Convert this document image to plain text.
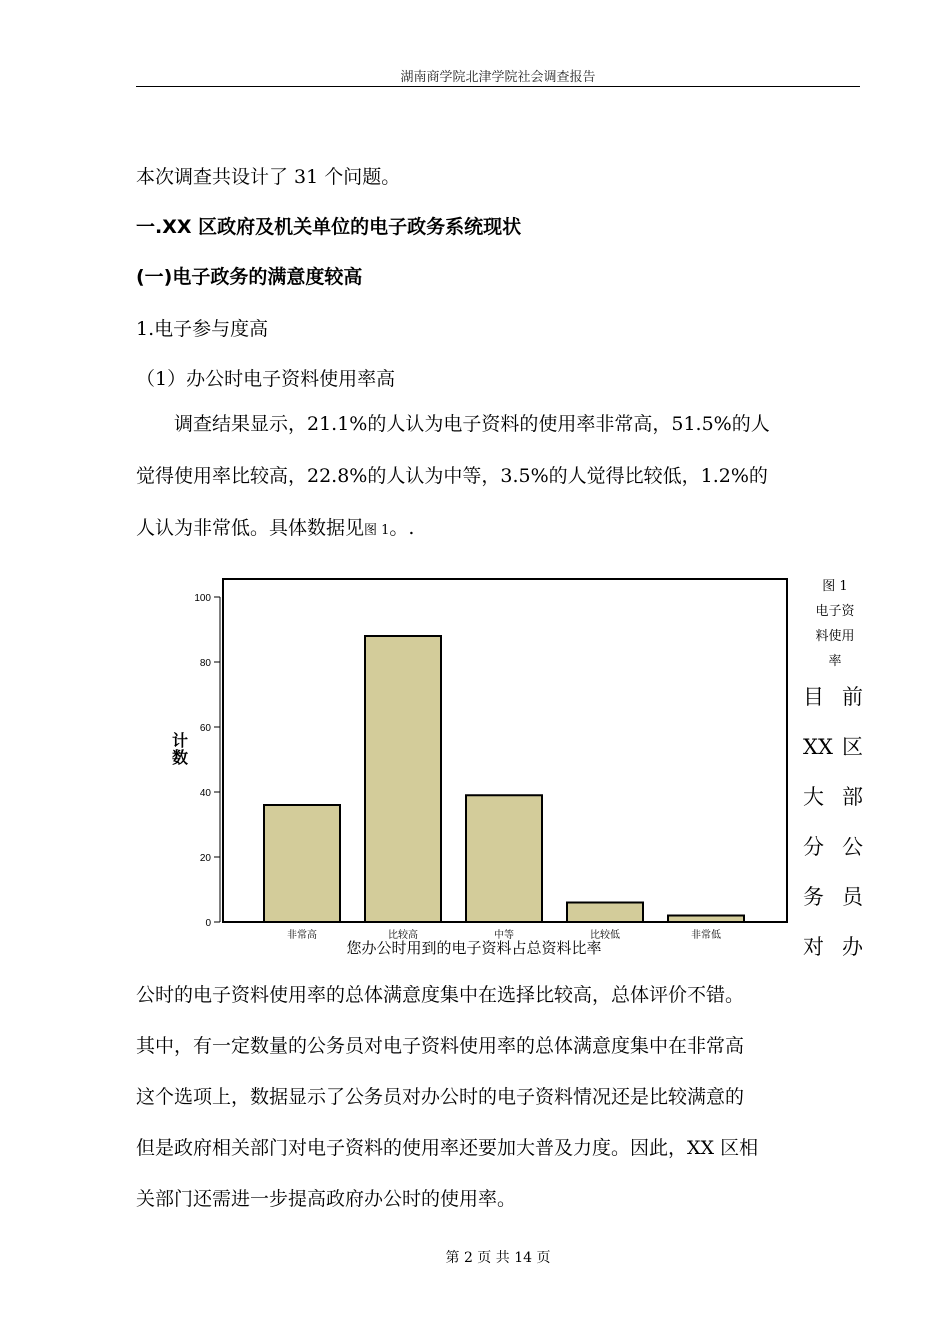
湖南商学院北津学院社会调查报告
本次调查共设计了 31 个问题。
一.XX 区政府及机关单位的电子政务系统现状
(一)电子政务的满意度较高
1.电子参与度高
（1）办公时电子资料使用率高
　　调查结果显示，21.1%的人认为电子资料的使用率非常高，51.5%的人
觉得使用率比较高，22.8%的人认为中等，3.5%的人觉得比较低，1.2%的
人认为非常低。具体数据见图 1。.
0
20
40
60
80
100
计数
非常高	比较高	中等	比较低	非常低
您办公时用到的电子资料占总资料比率
图 1
电子资
料使用
率
目 前
XX 区
大 部
分 公
务 员
对 办
公时的电子资料使用率的总体满意度集中在选择比较高，总体评价不错。
其中，有一定数量的公务员对电子资料使用率的总体满意度集中在非常高
这个选项上，数据显示了公务员对办公时的电子资料情况还是比较满意的
但是政府相关部门对电子资料的使用率还要加大普及力度。因此，XX 区相
关部门还需进一步提高政府办公时的使用率。
第 2 页 共 14 页
